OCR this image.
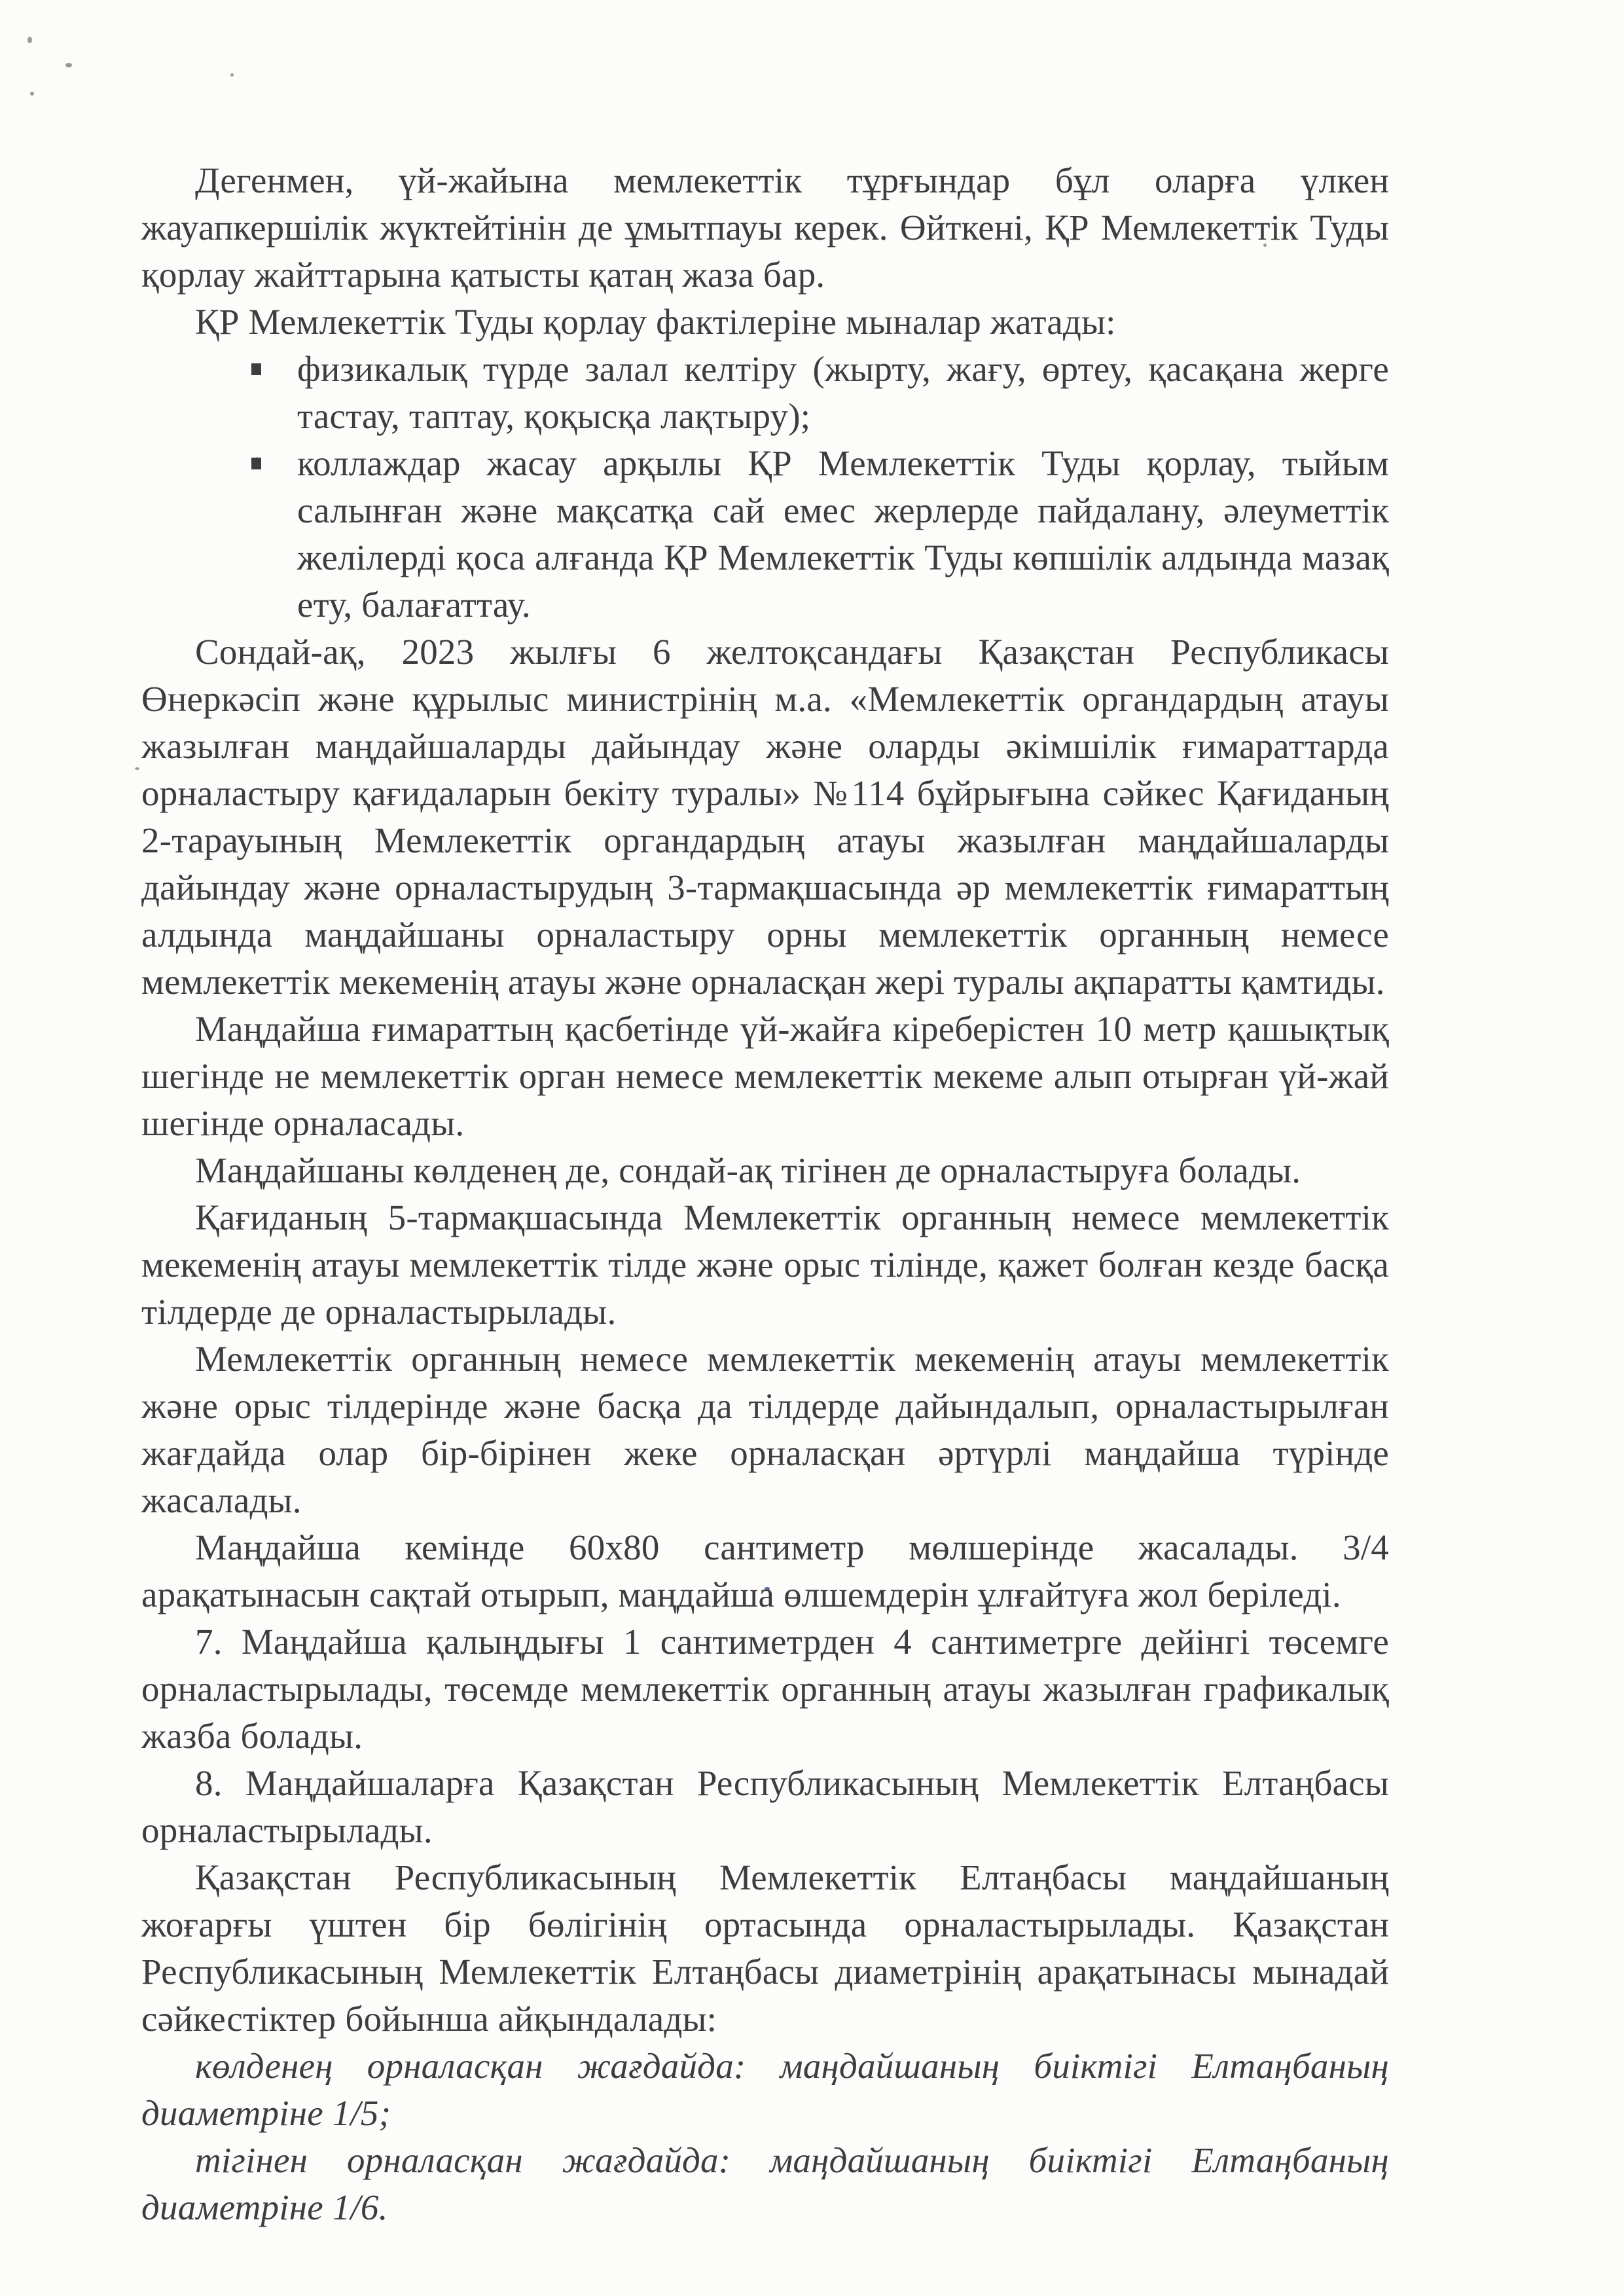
Дегенмен, үй-жайына мемлекеттік тұрғындар бұл оларға үлкен жауапкершілік жүктейтінін де ұмытпауы керек. Өйткені, ҚР Мемлекеттік Туды қорлау жайттарына қатысты қатаң жаза бар.

ҚР Мемлекеттік Туды қорлау фактілеріне мыналар жатады:

физикалық түрде залал келтіру (жырту, жағу, өртеу, қасақана жерге тастау, таптау, қоқысқа лақтыру);
коллаждар жасау арқылы ҚР Мемлекеттік Туды қорлау, тыйым салынған және мақсатқа сай емес жерлерде пайдалану, әлеуметтік желілерді қоса алғанда ҚР Мемлекеттік Туды көпшілік алдында мазақ ету, балағаттау.

Сондай-ақ, 2023 жылғы 6 желтоқсандағы Қазақстан Республикасы Өнеркәсіп және құрылыс министрінің м.а. «Мемлекеттік органдардың атауы жазылған маңдайшаларды дайындау және оларды әкімшілік ғимараттарда орналастыру қағидаларын бекіту туралы» №114 бұйрығына сәйкес Қағиданың 2-тарауының Мемлекеттік органдардың атауы жазылған маңдайшаларды дайындау және орналастырудың 3-тармақшасында әр мемлекеттік ғимараттың алдында маңдайшаны орналастыру орны мемлекеттік органның немесе мемлекеттік мекеменің атауы және орналасқан жері туралы ақпаратты қамтиды.

Маңдайша ғимараттың қасбетінде үй-жайға кіреберістен 10 метр қашықтық шегінде не мемлекеттік орган немесе мемлекеттік мекеме алып отырған үй-жай шегінде орналасады.

Маңдайшаны көлденең де, сондай-ақ тігінен де орналастыруға болады.

Қағиданың 5-тармақшасында Мемлекеттік органның немесе мемлекеттік мекеменің атауы мемлекеттік тілде және орыс тілінде, қажет болған кезде басқа тілдерде де орналастырылады.

Мемлекеттік органның немесе мемлекеттік мекеменің атауы мемлекеттік және орыс тілдерінде және басқа да тілдерде дайындалып, орналастырылған жағдайда олар бір-бірінен жеке орналасқан әртүрлі маңдайша түрінде жасалады.

Маңдайша кемінде 60x80 сантиметр мөлшерінде жасалады. 3/4 арақатынасын сақтай отырып, маңдайша өлшемдерін ұлғайтуға жол беріледі.

7. Маңдайша қалыңдығы 1 сантиметрден 4 сантиметрге дейінгі төсемге орналастырылады, төсемде мемлекеттік органның атауы жазылған графикалық жазба болады.

8. Маңдайшаларға Қазақстан Республикасының Мемлекеттік Елтаңбасы орналастырылады.

Қазақстан Республикасының Мемлекеттік Елтаңбасы маңдайшаның жоғарғы үштен бір бөлігінің ортасында орналастырылады. Қазақстан Республикасының Мемлекеттік Елтаңбасы диаметрінің арақатынасы мынадай сәйкестіктер бойынша айқындалады:

көлденең орналасқан жағдайда: маңдайшаның биіктігі Елтаңбаның диаметріне 1/5;

тігінен орналасқан жағдайда: маңдайшаның биіктігі Елтаңбаның диаметріне 1/6.
